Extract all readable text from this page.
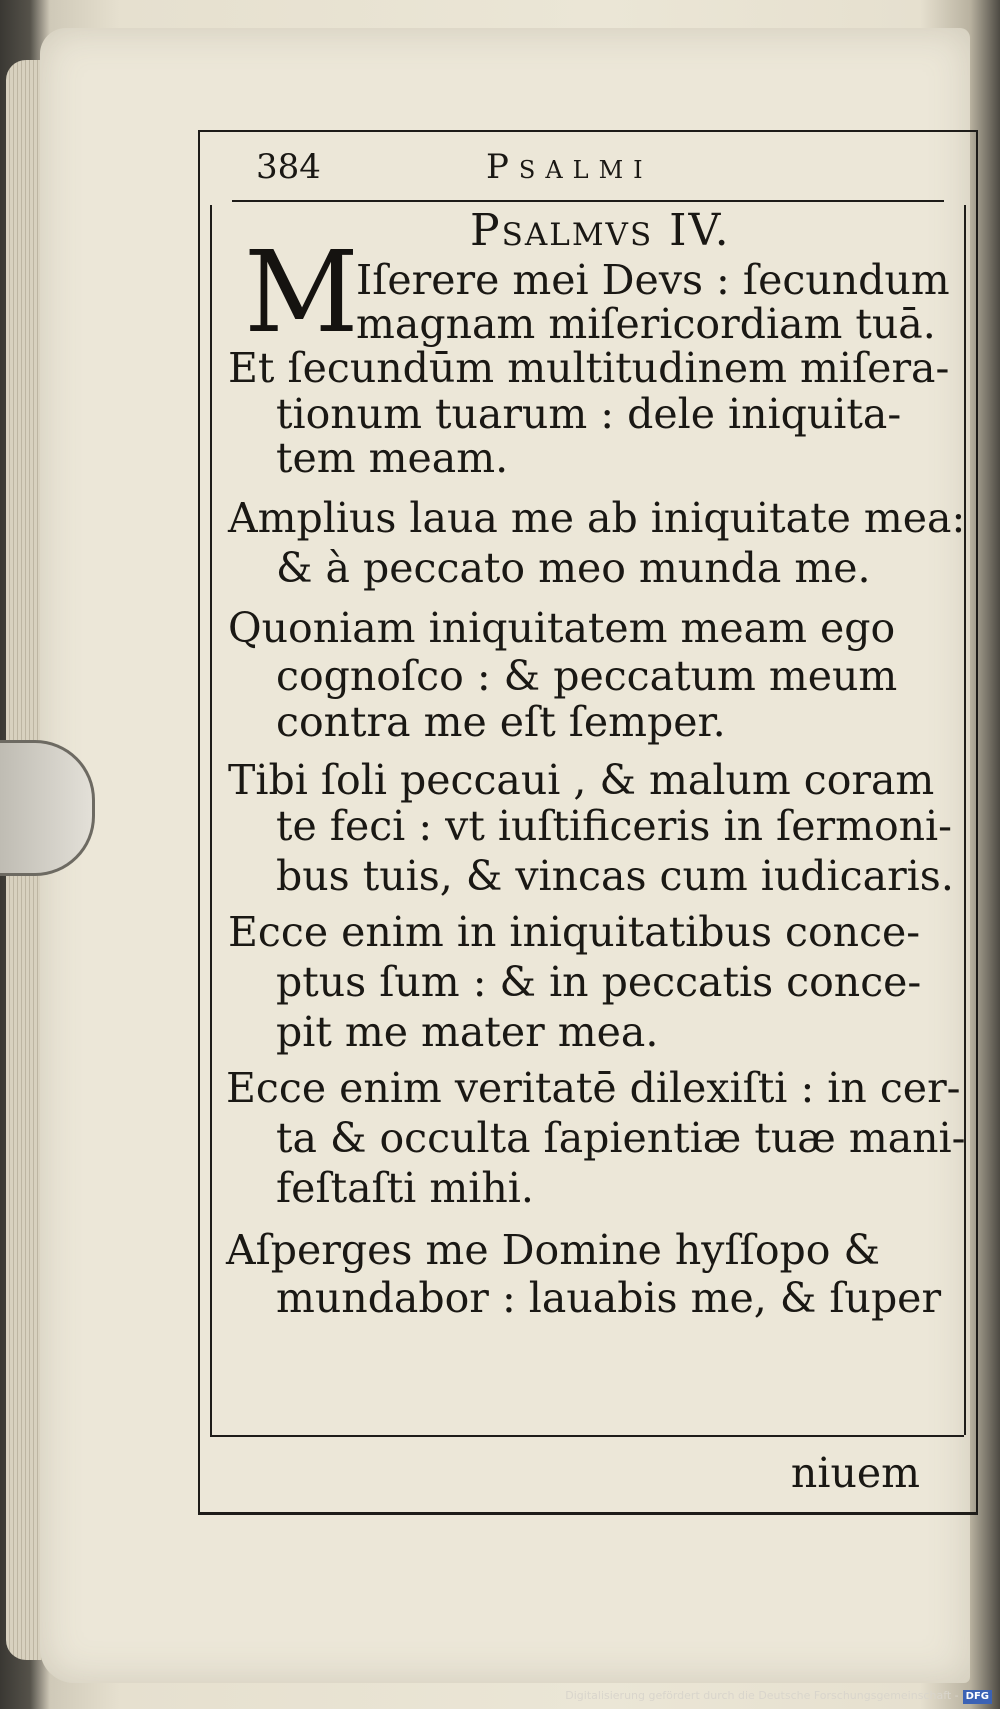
384	Psalmi
Psalmvs IV.
M
Iſerere mei Devs : ſecundum
magnam miſericordiam tuā.
Et ſecundūm multitudinem miſera-
tionum tuarum : dele iniquita-
tem meam.
Amplius laua me ab iniquitate mea:
& à peccato meo munda me.
Quoniam iniquitatem meam ego
cognoſco : & peccatum meum
contra me eſt ſemper.
Tibi ſoli peccaui , & malum coram
te feci : vt iuſtificeris in ſermoni-
bus tuis, & vincas cum iudicaris.
Ecce enim in iniquitatibus conce-
ptus ſum : & in peccatis conce-
pit me mater mea.
Ecce enim veritatē dilexiſti : in cer-
ta & occulta ſapientiæ tuæ mani-
feſtaſti mihi.
Aſperges me Domine hyſſopo &
mundabor : lauabis me, & ſuper
niuem
Digitalisierung gefördert durch die Deutsche Forschungsgemeinschaft - DFG
